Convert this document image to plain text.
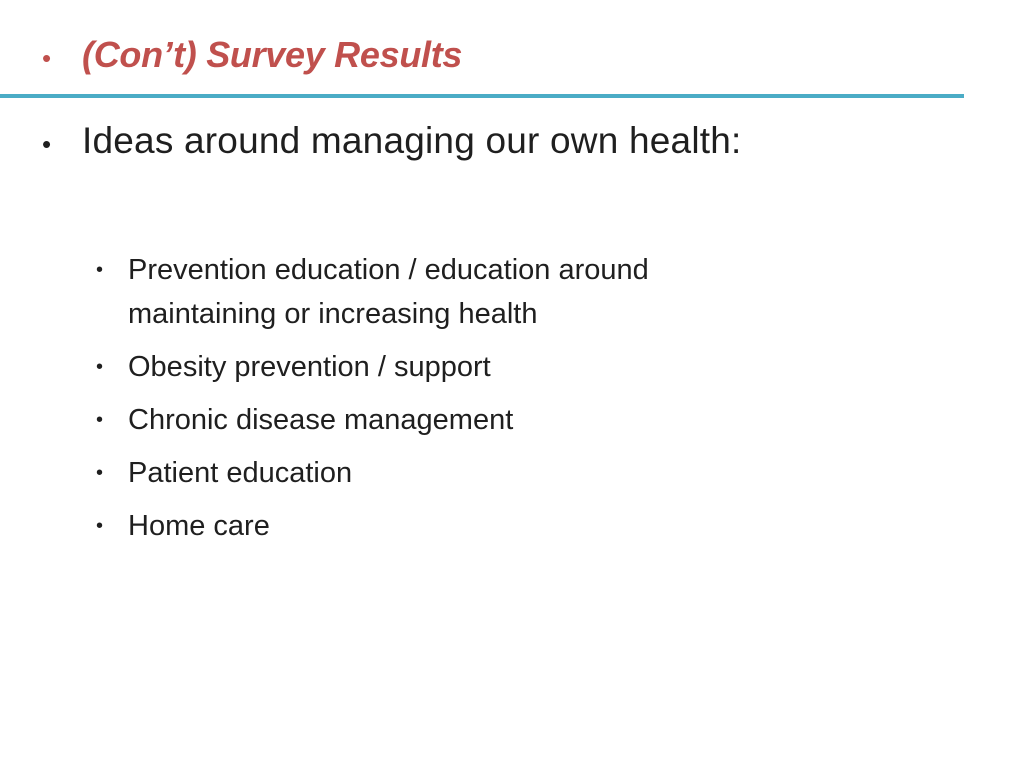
• (Con’t) Survey Results
• Ideas around managing our own health:
• Prevention education / education around maintaining or increasing health
• Obesity prevention / support
• Chronic disease management
• Patient education
• Home care
